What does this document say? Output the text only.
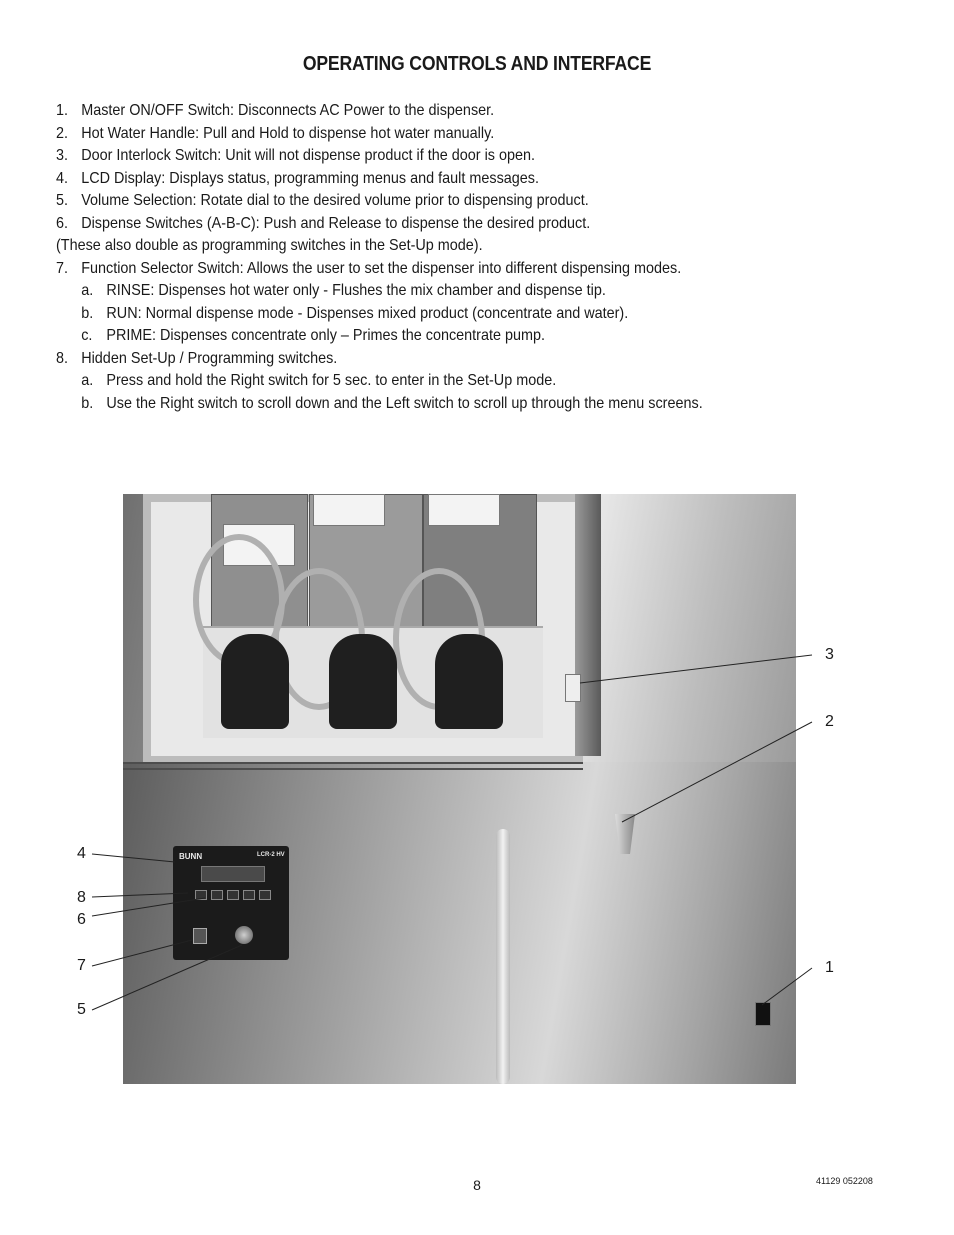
OPERATING CONTROLS AND INTERFACE
1. Master ON/OFF Switch: Disconnects AC Power to the dispenser.
2. Hot Water Handle: Pull and Hold to dispense hot water manually.
3. Door Interlock Switch: Unit will not dispense product if the door is open.
4. LCD Display: Displays status, programming menus and fault messages.
5. Volume Selection: Rotate dial to the desired volume prior to dispensing product.
6. Dispense Switches (A-B-C): Push and Release to dispense the desired product.
(These also double as programming switches in the Set-Up mode).
7. Function Selector Switch: Allows the user to set the dispenser into different dispensing modes.
a. RINSE: Dispenses hot water only - Flushes the mix chamber and dispense tip.
b. RUN: Normal dispense mode - Dispenses mixed product (concentrate and water).
c. PRIME: Dispenses concentrate only – Primes the concentrate pump.
8. Hidden Set-Up / Programming switches.
a. Press and hold the Right switch for 5 sec. to enter in the Set-Up mode.
b. Use the Right switch to scroll down and the Left switch to scroll up through the menu screens.
BUNN	LCR-2 HV
3
2
1
4
8
6
7
5
8	41129 052208
